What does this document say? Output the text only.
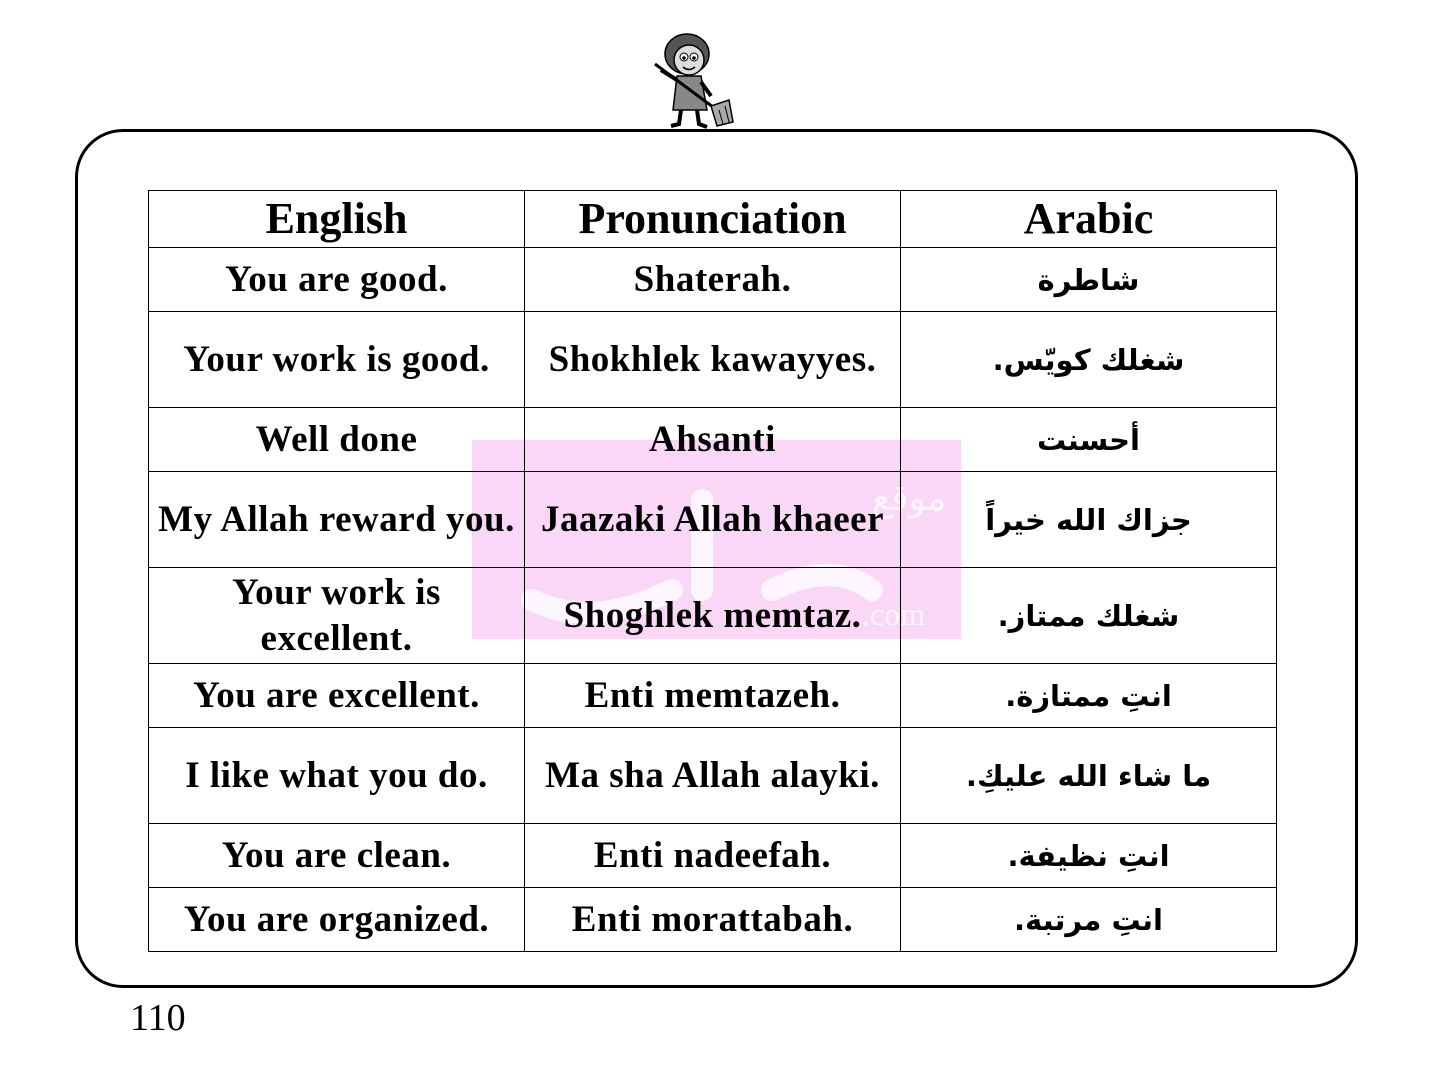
موقع
.com
English	Pronunciation	Arabic
You are good.	Shaterah.	شاطرة
Your work is good.	Shokhlek kawayyes.	شغلك كويّس.
Well done	Ahsanti	أحسنت
My Allah reward you.	Jaazaki Allah khaeer	جزاك الله خيراً
Your work is excellent.	Shoghlek memtaz.	شغلك ممتاز.
You are excellent.	Enti memtazeh.	انتِ ممتازة.
I like what you do.	Ma sha Allah alayki.	ما شاء الله عليكِ.
You are clean.	Enti nadeefah.	انتِ نظيفة.
You are organized.	Enti morattabah.	انتِ مرتبة.
110
